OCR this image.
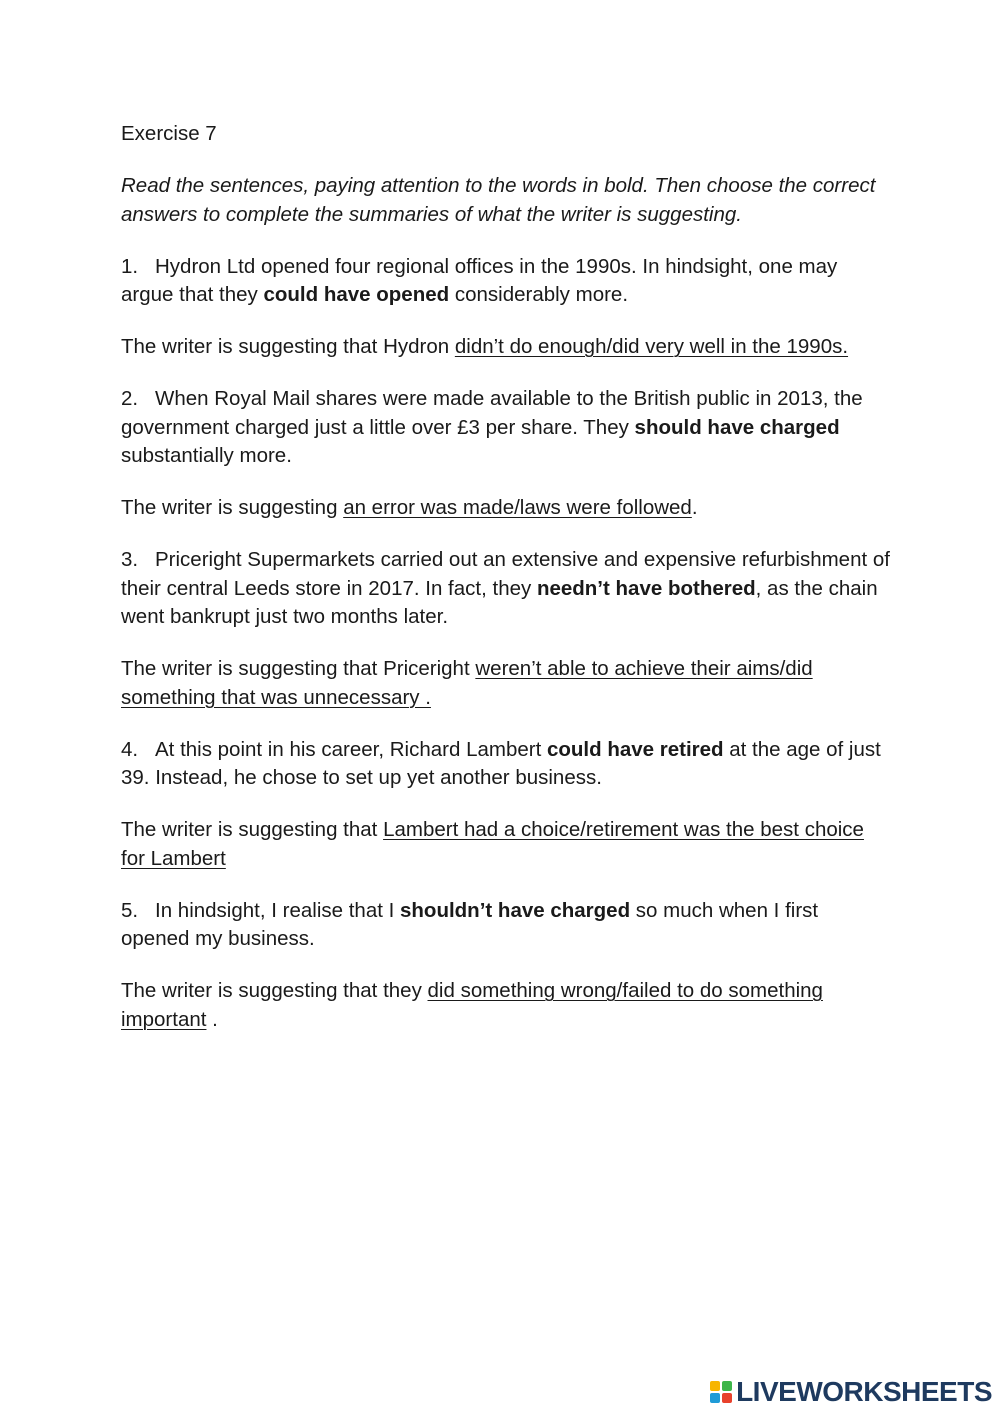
Exercise 7

Read the sentences, paying attention to the words in bold. Then choose the correct answers to complete the summaries of what the writer is suggesting.

1. Hydron Ltd opened four regional offices in the 1990s. In hindsight, one may argue that they could have opened considerably more.

The writer is suggesting that Hydron didn’t do enough/did very well in the 1990s.

2. When Royal Mail shares were made available to the British public in 2013, the government charged just a little over £3 per share. They should have charged substantially more.

The writer is suggesting an error was made/laws were followed.

3. Priceright Supermarkets carried out an extensive and expensive refurbishment of their central Leeds store in 2017. In fact, they needn’t have bothered, as the chain went bankrupt just two months later.

The writer is suggesting that Priceright weren’t able to achieve their aims/did something that was unnecessary .

4. At this point in his career, Richard Lambert could have retired at the age of just 39. Instead, he chose to set up yet another business.

The writer is suggesting that Lambert had a choice/retirement was the best choice for Lambert

5. In hindsight, I realise that I shouldn’t have charged so much when I first opened my business.

The writer is suggesting that they did something wrong/failed to do something important .

LIVEWORKSHEETS
